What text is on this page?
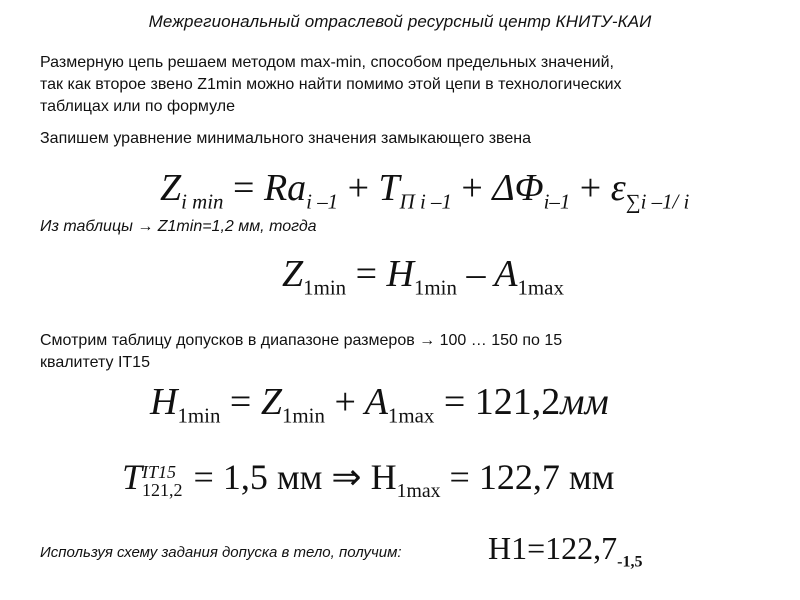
Межрегиональный отраслевой ресурсный центр КНИТУ-КАИ
Размерную цепь решаем методом max-min, способом предельных значений,
так как второе звено Z1min можно найти помимо этой цепи в технологических
таблицах или по формуле
Запишем уравнение минимального значения замыкающего звена
$Z_{i min} = Ra_{i -1} + T_{П i -1} + \Delta\Phi_{i-1} + \varepsilon_{\sum i -1/ i}$
Из таблицы → Z1min=1,2 мм, тогда
$Z_{1min} = H_{1min} - A_{1max}$
Смотрим таблицу допусков в диапазоне размеров → 100 … 150 по 15
квалитету IT15
$H_{1min} = Z_{1min} + A_{1max} = 121,2мм$
T IT15
121,2 = 1,5 мм ⇒ $H_{1max} = 122,7$ мм
Используя схему задания допуска в тело, получим:	$H1=122,7_{-1,5}$
